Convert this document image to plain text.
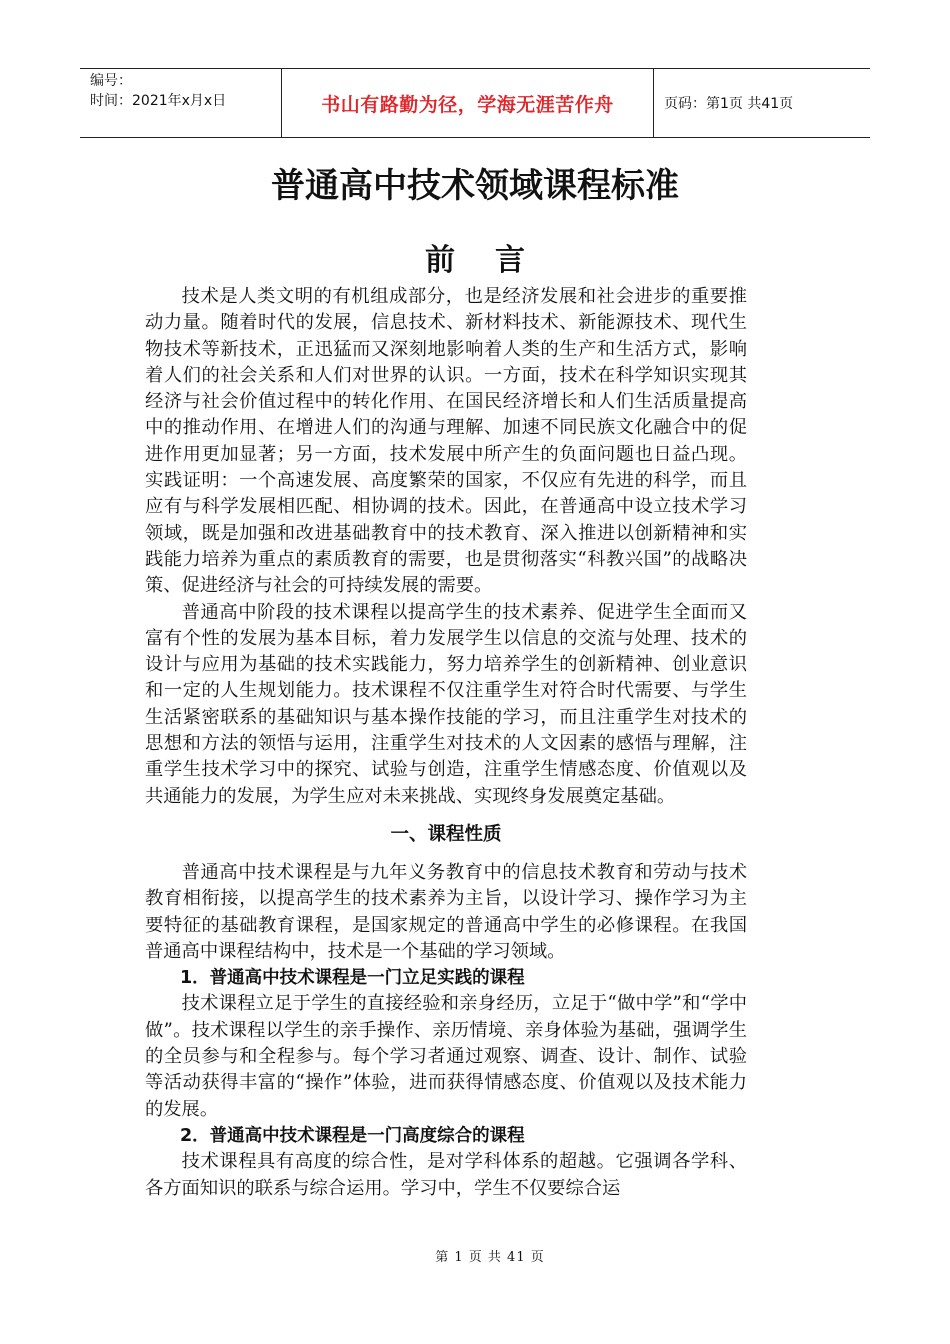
编号：
时间：2021年x月x日	书山有路勤为径，学海无涯苦作舟	页码：第1页 共41页
普通高中技术领域课程标准
前言

技术是人类文明的有机组成部分，也是经济发展和社会进步的重要推动力量。随着时代的发展，信息技术、新材料技术、新能源技术、现代生物技术等新技术，正迅猛而又深刻地影响着人类的生产和生活方式，影响着人们的社会关系和人们对世界的认识。一方面，技术在科学知识实现其经济与社会价值过程中的转化作用、在国民经济增长和人们生活质量提高中的推动作用、在增进人们的沟通与理解、加速不同民族文化融合中的促进作用更加显著；另一方面，技术发展中所产生的负面问题也日益凸现。实践证明：一个高速发展、高度繁荣的国家，不仅应有先进的科学，而且应有与科学发展相匹配、相协调的技术。因此，在普通高中设立技术学习领域，既是加强和改进基础教育中的技术教育、深入推进以创新精神和实践能力培养为重点的素质教育的需要，也是贯彻落实“科教兴国”的战略决策、促进经济与社会的可持续发展的需要。

普通高中阶段的技术课程以提高学生的技术素养、促进学生全面而又富有个性的发展为基本目标，着力发展学生以信息的交流与处理、技术的设计与应用为基础的技术实践能力，努力培养学生的创新精神、创业意识和一定的人生规划能力。技术课程不仅注重学生对符合时代需要、与学生生活紧密联系的基础知识与基本操作技能的学习，而且注重学生对技术的思想和方法的领悟与运用，注重学生对技术的人文因素的感悟与理解，注重学生技术学习中的探究、试验与创造，注重学生情感态度、价值观以及共通能力的发展，为学生应对未来挑战、实现终身发展奠定基础。

一、课程性质

普通高中技术课程是与九年义务教育中的信息技术教育和劳动与技术教育相衔接，以提高学生的技术素养为主旨，以设计学习、操作学习为主要特征的基础教育课程，是国家规定的普通高中学生的必修课程。在我国普通高中课程结构中，技术是一个基础的学习领域。

1．普通高中技术课程是一门立足实践的课程

技术课程立足于学生的直接经验和亲身经历，立足于“做中学”和“学中做”。技术课程以学生的亲手操作、亲历情境、亲身体验为基础，强调学生的全员参与和全程参与。每个学习者通过观察、调查、设计、制作、试验等活动获得丰富的“操作”体验，进而获得情感态度、价值观以及技术能力的发展。

2．普通高中技术课程是一门高度综合的课程

技术课程具有高度的综合性，是对学科体系的超越。它强调各学科、各方面知识的联系与综合运用。学习中，学生不仅要综合运

第 1 页 共 41 页
